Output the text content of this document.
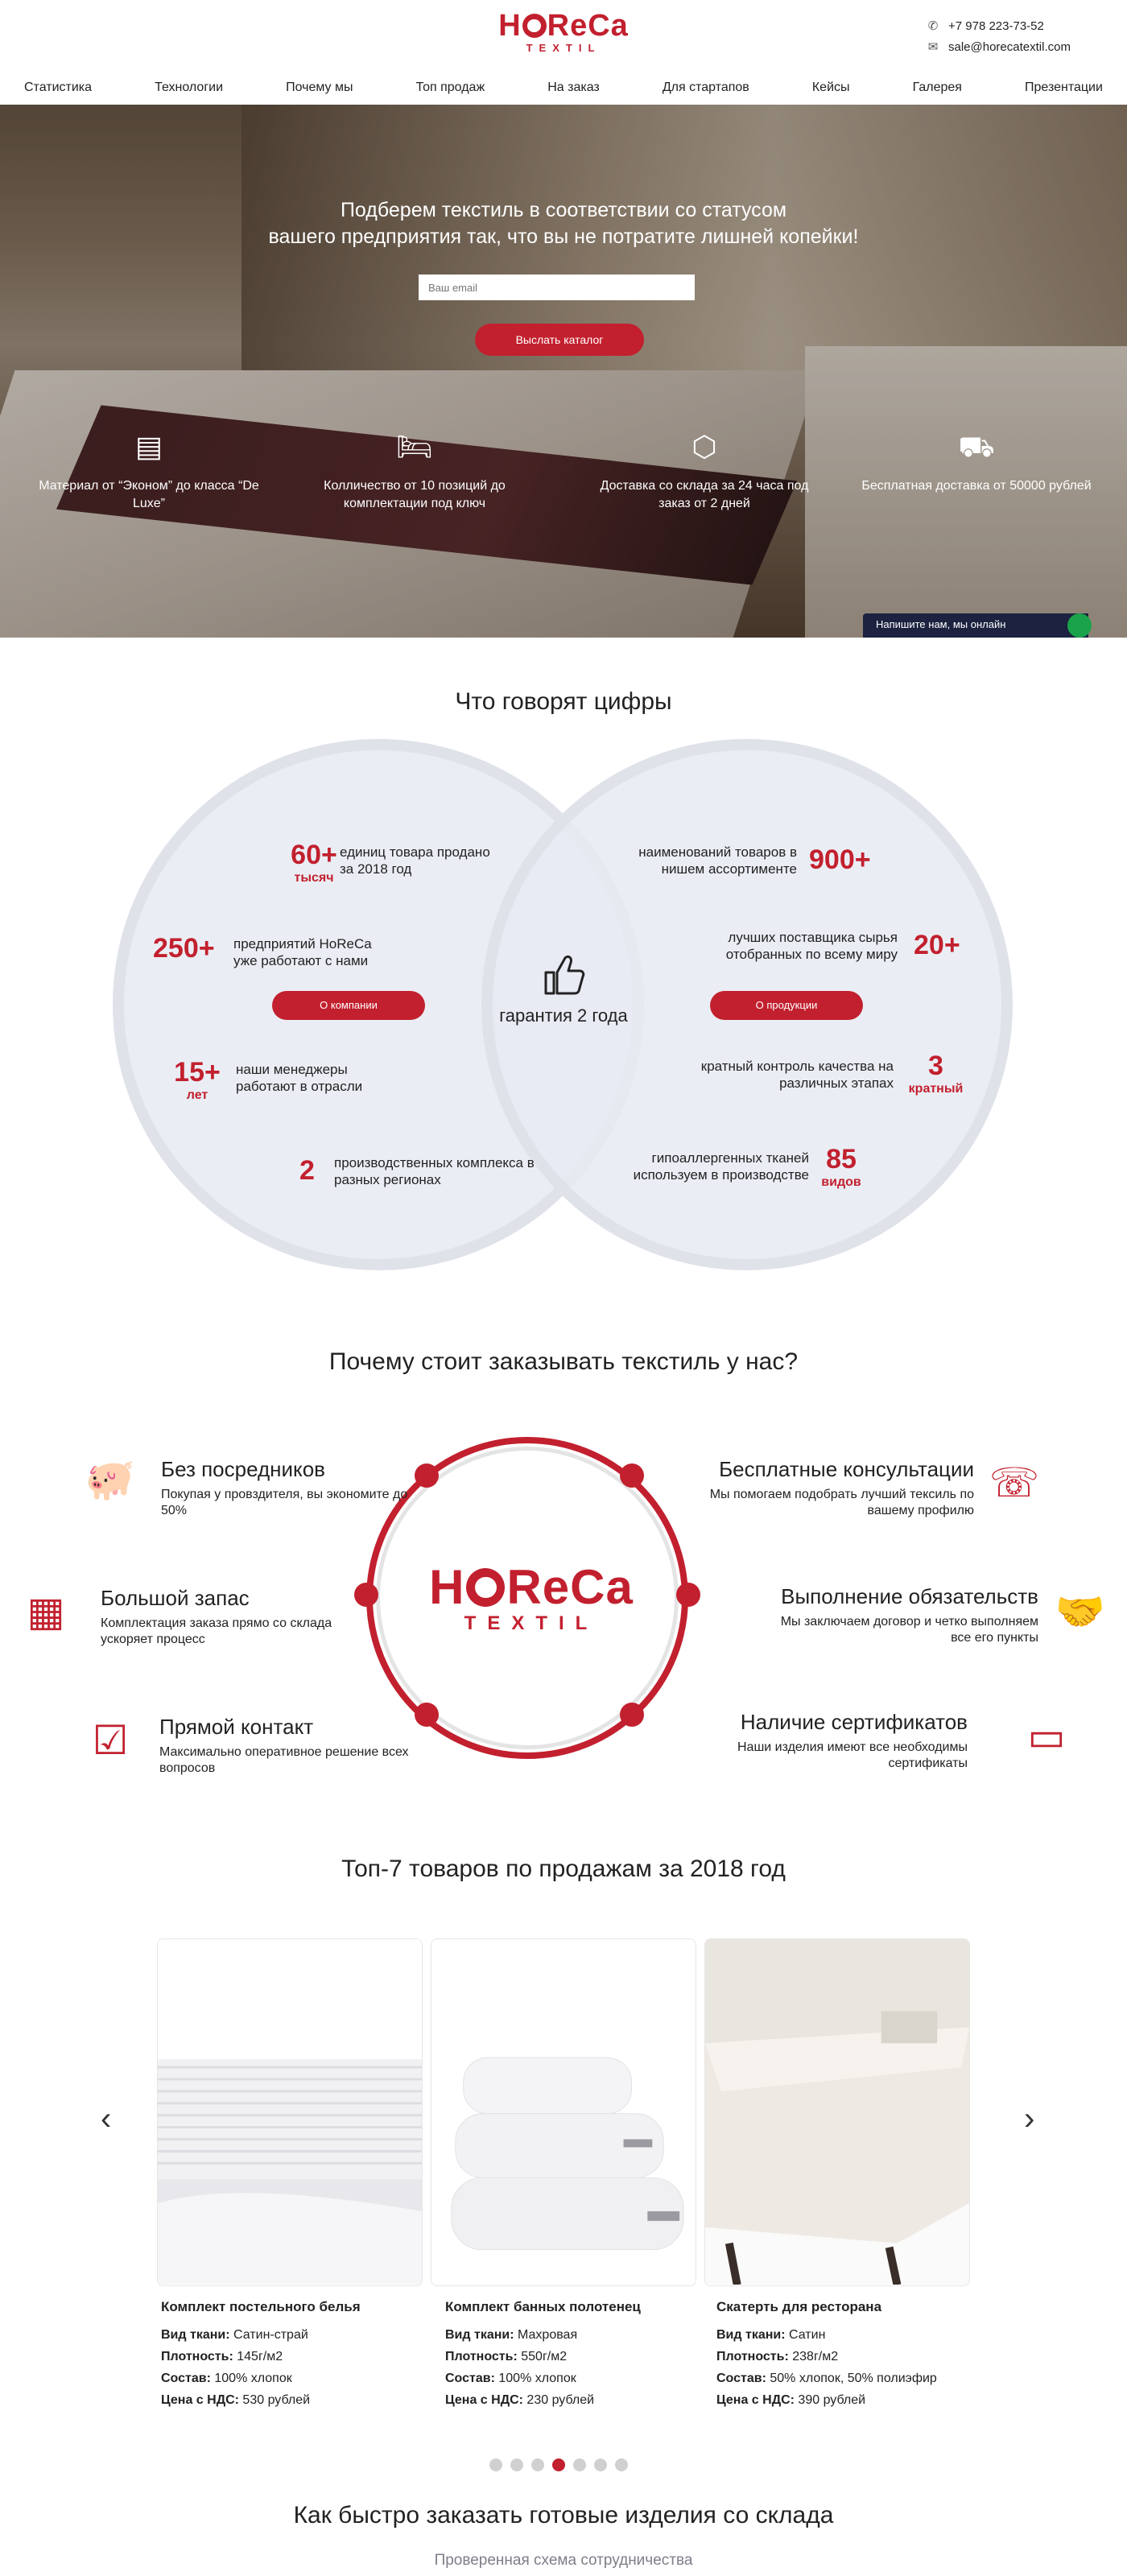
H ReCa
TEXTIL
✆ +7 978 223-73-52
✉ sale@horecatextil.com
Статистика	Технологии	Почему мы	Топ продаж	На заказ	Для стартапов	Кейсы	Галерея	Презентации
Подберем текстиль в соответствии со статусом
вашего предприятия так, что вы не потратите лишней копейки!
Ваш email
Выслать каталог
▤
Материал от “Эконом” до класса “De Luxe”
🛏
Колличество от 10 позиций до комплектации под ключ
⬡
Доставка со склада за 24 часа под заказ от 2 дней
⛟
Бесплатная доставка от 50000 рублей
Напишите нам, мы онлайн
Что говорят цифры
60+
тысяч
единиц товара продано за 2018 год
250+ предприятий HoReCa уже работают с нами
О компании
15+
лет
наши менеджеры работают в отрасли
2 производственных комплекса в разных регионах
гарантия 2 года
наименований товаров в нишем ассортименте 900+
лучших поставщика сырья отобранных по всему миру 20+
О продукции
кратный контроль качества на различных этапах
3
кратный
гипоаллергенных тканей используем в производстве
85
видов
Почему стоит заказывать текстиль у нас?
H ReCa
TEXTIL
🐖 Без посредников

Покупая у провздителя, вы экономите до 50%

▦	Большой запас

Комплектация заказа прямо со склада ускоряет процесс

☑	Прямой контакт

Максимально оперативное решение всех вопросов

☏
Бесплатные консультации

Мы помогаем подобрать лучший тексиль по вашему профилю

🤝
Выполнение обязательств

Мы заключаем договор и четко выполняем все его пункты

▭
Наличие сертификатов

Наши изделия имеют все необходимы сертификаты

Топ-7 товаров по продажам за 2018 год
‹	›
Комплект постельного белья
Вид ткани: Сатин-страй
Плотность: 145г/м2
Состав: 100% хлопок
Цена с НДС: 530 рублей
Комплект банных полотенец
Вид ткани: Махровая
Плотность: 550г/м2
Состав: 100% хлопок
Цена с НДС: 230 рублей
Скатерть для ресторана
Вид ткани: Сатин
Плотность: 238г/м2
Состав: 50% хлопок, 50% полиэфир
Цена с НДС: 390 рублей
Как быстро заказать готовые изделия со склада
Проверенная схема сотрудничества
